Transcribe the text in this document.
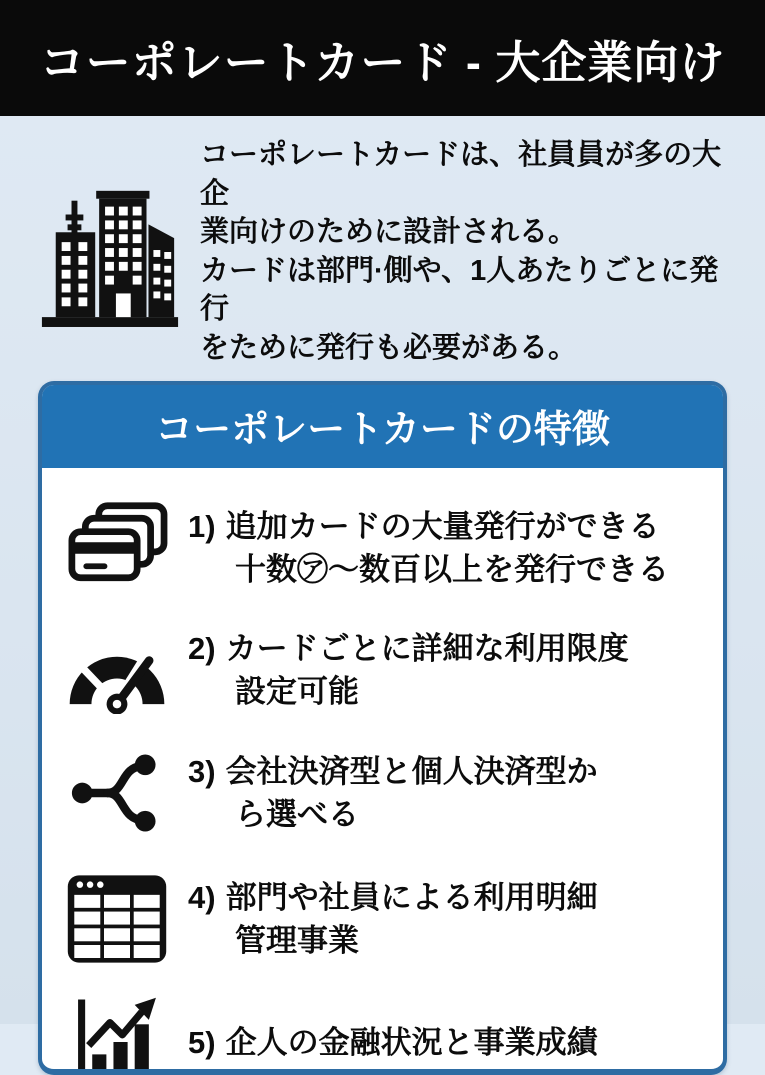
コーポレートカード - 大企業向け

コーポレートカードは、社員員が多の大企
業向けのために設計される。
カードは部門·側や、1人あたりごとに発行
をために発行も必要がある。

コーポレートカードの特徴
1) 追加カードの大量発行ができる
十数㋐〜数百以上を発行できる
2) カードごとに詳細な利用限度
設定可能
3) 会社決済型と個人決済型か
ら選べる
4) 部門や社員による利用明細
管理事業
5) 企人の金融状況と事業成績
